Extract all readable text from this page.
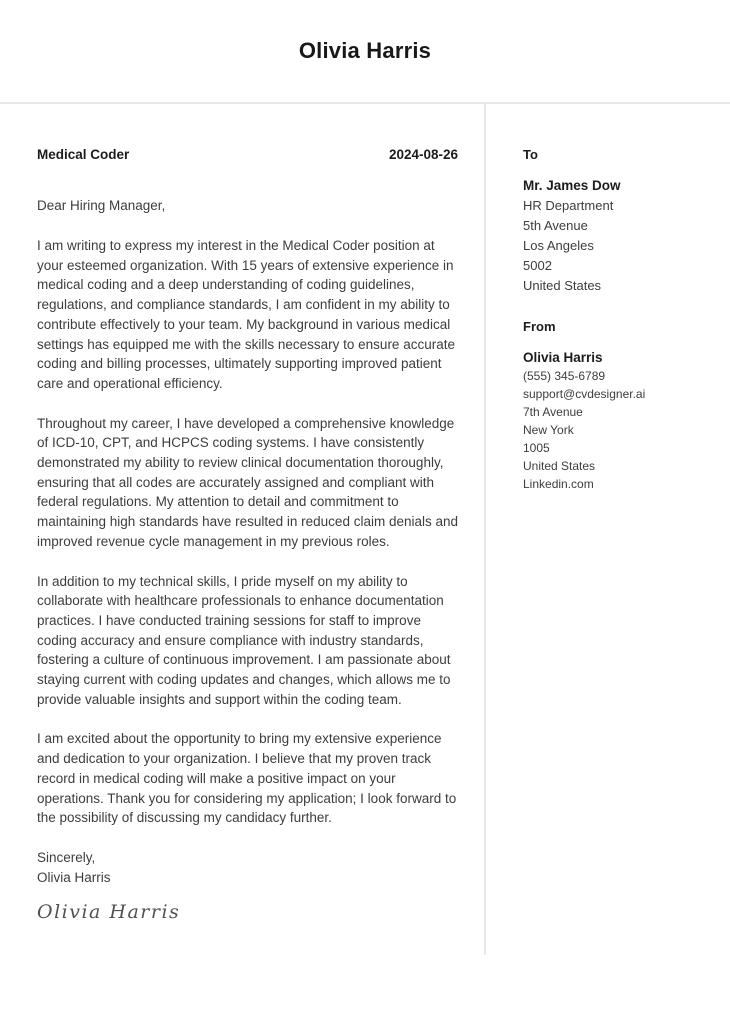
Olivia Harris
Medical Coder	2024-08-26

Dear Hiring Manager,

I am writing to express my interest in the Medical Coder position at your esteemed organization. With 15 years of extensive experience in medical coding and a deep understanding of coding guidelines, regulations, and compliance standards, I am confident in my ability to contribute effectively to your team. My background in various medical settings has equipped me with the skills necessary to ensure accurate coding and billing processes, ultimately supporting improved patient care and operational efficiency.

Throughout my career, I have developed a comprehensive knowledge of ICD-10, CPT, and HCPCS coding systems. I have consistently demonstrated my ability to review clinical documentation thoroughly, ensuring that all codes are accurately assigned and compliant with federal regulations. My attention to detail and commitment to maintaining high standards have resulted in reduced claim denials and improved revenue cycle management in my previous roles.

In addition to my technical skills, I pride myself on my ability to collaborate with healthcare professionals to enhance documentation practices. I have conducted training sessions for staff to improve coding accuracy and ensure compliance with industry standards, fostering a culture of continuous improvement. I am passionate about staying current with coding updates and changes, which allows me to provide valuable insights and support within the coding team.

I am excited about the opportunity to bring my extensive experience and dedication to your organization. I believe that my proven track record in medical coding will make a positive impact on your operations. Thank you for considering my application; I look forward to the possibility of discussing my candidacy further.

Sincerely,
Olivia Harris
Olivia Harris
To
Mr. James Dow
HR Department
5th Avenue
Los Angeles
5002
United States
From
Olivia Harris
(555) 345-6789
support@cvdesigner.ai
7th Avenue
New York
1005
United States
Linkedin.com
